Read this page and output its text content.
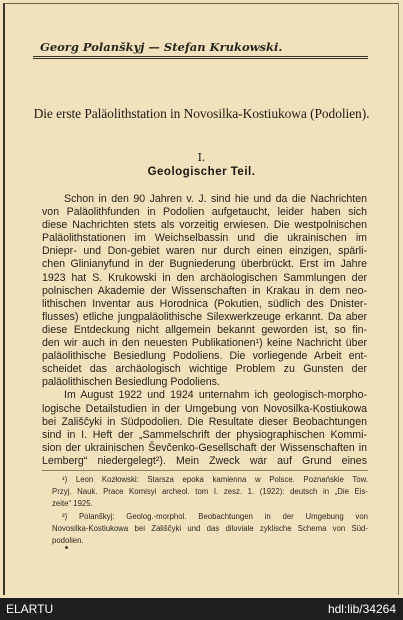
Georg Polanškyj — Stefan Krukowski.
Die erste Paläolithstation in Novosilka-Kostiukowa (Podolien).
I.
Geologischer Teil.
Schon in den 90 Jahren v. J. sind hie und da die Nachrichten
von Paläolithfunden in Podolien aufgetaucht, leider haben sich
diese Nachrichten stets als vorzeitig erwiesen. Die westpolnischen
Paläolithstationen im Weichselbassin und die ukrainischen im
Dniepr- und Don-gebiet waren nur durch einen einzigen, spärli-
chen Glinianyfund in der Bugniederung überbrückt. Erst im Jahre
1923 hat S. Krukowski in den archäologischen Sammlungen der
polnischen Akademie der Wissenschaften in Krakau in dem neo-
lithischen Inventar aus Horodnica (Pokutien, südlich des Dnister-
flusses) etliche jungpaläolithische Silexwerkzeuge erkannt. Da aber
diese Entdeckung nicht allgemein bekannt geworden ist, so fin-
den wir auch in den neuesten Publikationen¹) keine Nachricht über
paläolithische Besiedlung Podoliens. Die vorliegende Arbeit ent-
scheidet das archäologisch wichtige Problem zu Gunsten der
paläolithischen Besiedlung Podoliens.
Im August 1922 und 1924 unternahm ich geologisch-morpho-
logische Detailstudien in der Umgebung von Novosilka-Kostiukowa
bei Zališčyki in Südpodolien. Die Resultate dieser Beobachtungen
sind in I. Heft der „Sammelschrift der physiographischen Kommi-
sion der ukrainischen Ševčenko-Gesellschaft der Wissenschaften in
Lemberg“ niedergelegt²). Mein Zweck war auf Grund eines
¹) Leon Kozłowski: Starsza epoka kamienna w Polsce. Poznańskie Tow.
Przyj. Nauk. Prace Komisyi archeol. tom I. zesz. 1. (1922): deutsch in „Die Eis-
zeite“ 1925.
²) Polanškyj: Geolog.-morphol. Beobachtungen in der Umgebung von
Novosilka-Kostiukowa bei Zališčyki und das diluviale zyklische Schema von Süd-
podolien.
ELARTU	hdl:lib/34264
